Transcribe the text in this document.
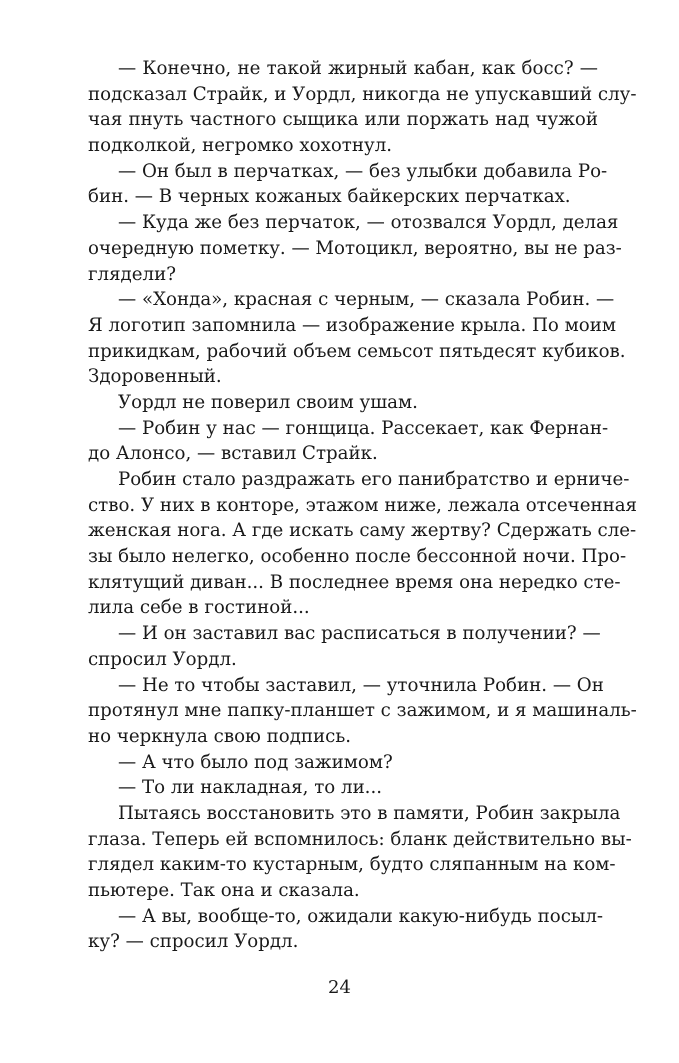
— Конечно, не такой жирный кабан, как босс? —
подсказал Страйк, и Уордл, никогда не упускавший слу-
чая пнуть частного сыщика или поржать над чужой
подколкой, негромко хохотнул.
— Он был в перчатках, — без улыбки добавила Ро-
бин. — В черных кожаных байкерских перчатках.
— Куда же без перчаток, — отозвался Уордл, делая
очередную пометку. — Мотоцикл, вероятно, вы не раз-
глядели?
— «Хонда», красная с черным, — сказала Робин. —
Я логотип запомнила — изображение крыла. По моим
прикидкам, рабочий объем семьсот пятьдесят кубиков.
Здоровенный.
Уордл не поверил своим ушам.
— Робин у нас — гонщица. Рассекает, как Фернан-
до Алонсо, — вставил Страйк.
Робин стало раздражать его панибратство и ерниче-
ство. У них в конторе, этажом ниже, лежала отсеченная
женская нога. А где искать саму жертву? Сдержать сле-
зы было нелегко, особенно после бессонной ночи. Про-
клятущий диван... В последнее время она нередко сте-
лила себе в гостиной...
— И он заставил вас расписаться в получении? —
спросил Уордл.
— Не то чтобы заставил, — уточнила Робин. — Он
протянул мне папку-планшет с зажимом, и я машиналь-
но черкнула свою подпись.
— А что было под зажимом?
— То ли накладная, то ли...
Пытаясь восстановить это в памяти, Робин закрыла
глаза. Теперь ей вспомнилось: бланк действительно вы-
глядел каким-то кустарным, будто сляпанным на ком-
пьютере. Так она и сказала.
— А вы, вообще-то, ожидали какую-нибудь посыл-
ку? — спросил Уордл.
24
